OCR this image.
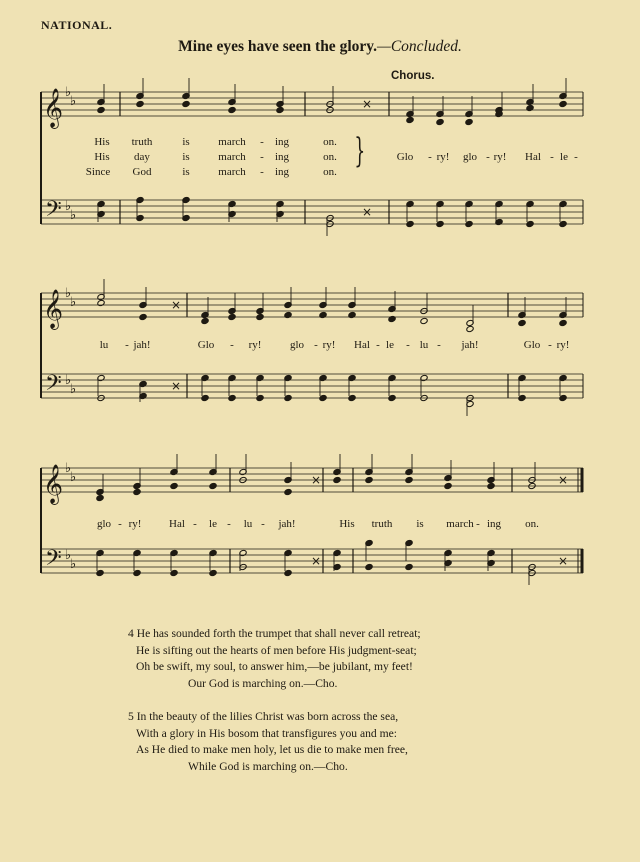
NATIONAL.
Mine eyes have seen the glory.—Concluded.
Chorus.
𝄞
𝄢
♭
♭
♭
♭
×
×
𝄞
𝄢
♭
♭
♭
♭
×
×
𝄞
𝄢
♭
♭
♭
♭
×	×
×	×
His truth	is	march - ing	on.
His day	is	march - ing	on.
Since God	is	march - ing	on.
Glo - ry! glo - ry! Hal - le -
}
lu - jah!	Glo - ry!	glo - ry! Hal - le - lu - jah!	Glo - ry!
glo - ry!	Hal - le - lu - jah!	His truth is march - ing on.
4 He has sounded forth the trumpet that shall never call retreat;
He is sifting out the hearts of men before His judgment-seat;
Oh be swift, my soul, to answer him,—be jubilant, my feet!
Our God is marching on.—Cho.
5 In the beauty of the lilies Christ was born across the sea,
With a glory in His bosom that transfigures you and me:
As He died to make men holy, let us die to make men free,
While God is marching on.—Cho.
